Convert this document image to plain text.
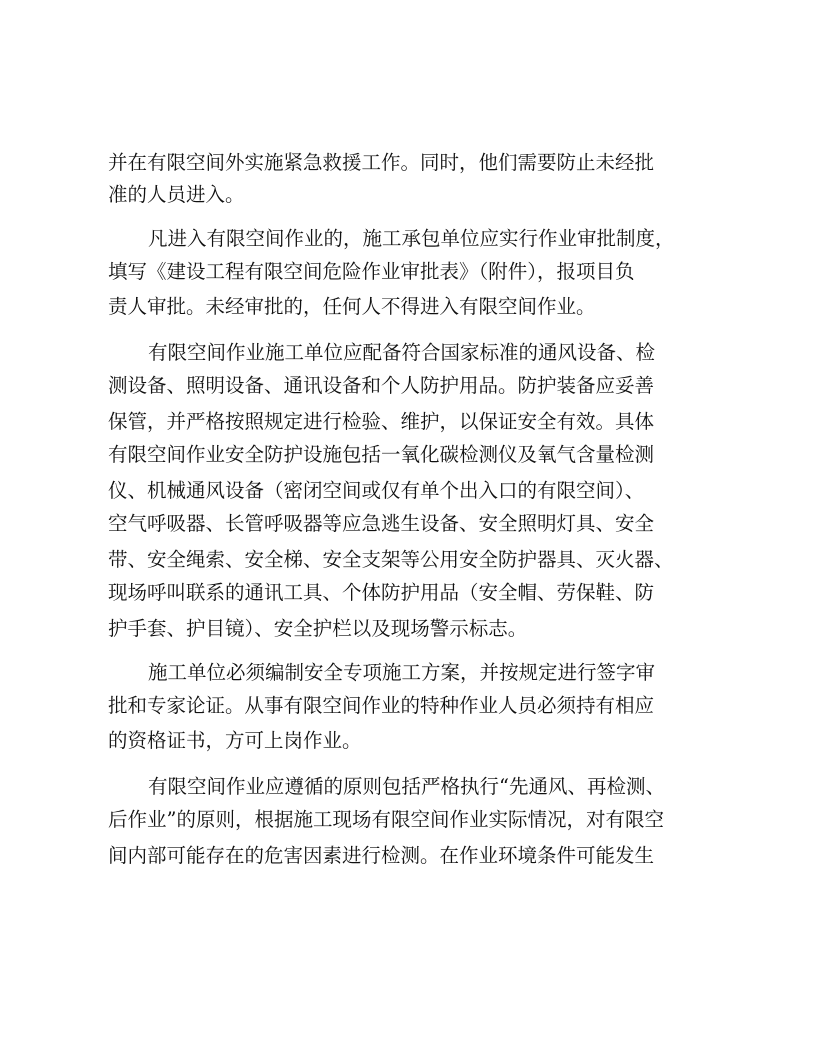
并在有限空间外实施紧急救援工作。同时，他们需要防止未经批
准的人员进入。
凡进入有限空间作业的，施工承包单位应实行作业审批制度，
填写《建设工程有限空间危险作业审批表》（附件），报项目负
责人审批。未经审批的，任何人不得进入有限空间作业。
有限空间作业施工单位应配备符合国家标准的通风设备、检
测设备、照明设备、通讯设备和个人防护用品。防护装备应妥善
保管，并严格按照规定进行检验、维护，以保证安全有效。具体
有限空间作业安全防护设施包括一氧化碳检测仪及氧气含量检测
仪、机械通风设备（密闭空间或仅有单个出入口的有限空间）、
空气呼吸器、长管呼吸器等应急逃生设备、安全照明灯具、安全
带、安全绳索、安全梯、安全支架等公用安全防护器具、灭火器、
现场呼叫联系的通讯工具、个体防护用品（安全帽、劳保鞋、防
护手套、护目镜）、安全护栏以及现场警示标志。
施工单位必须编制安全专项施工方案，并按规定进行签字审
批和专家论证。从事有限空间作业的特种作业人员必须持有相应
的资格证书，方可上岗作业。
有限空间作业应遵循的原则包括严格执行“先通风、再检测、
后作业”的原则，根据施工现场有限空间作业实际情况，对有限空
间内部可能存在的危害因素进行检测。在作业环境条件可能发生
